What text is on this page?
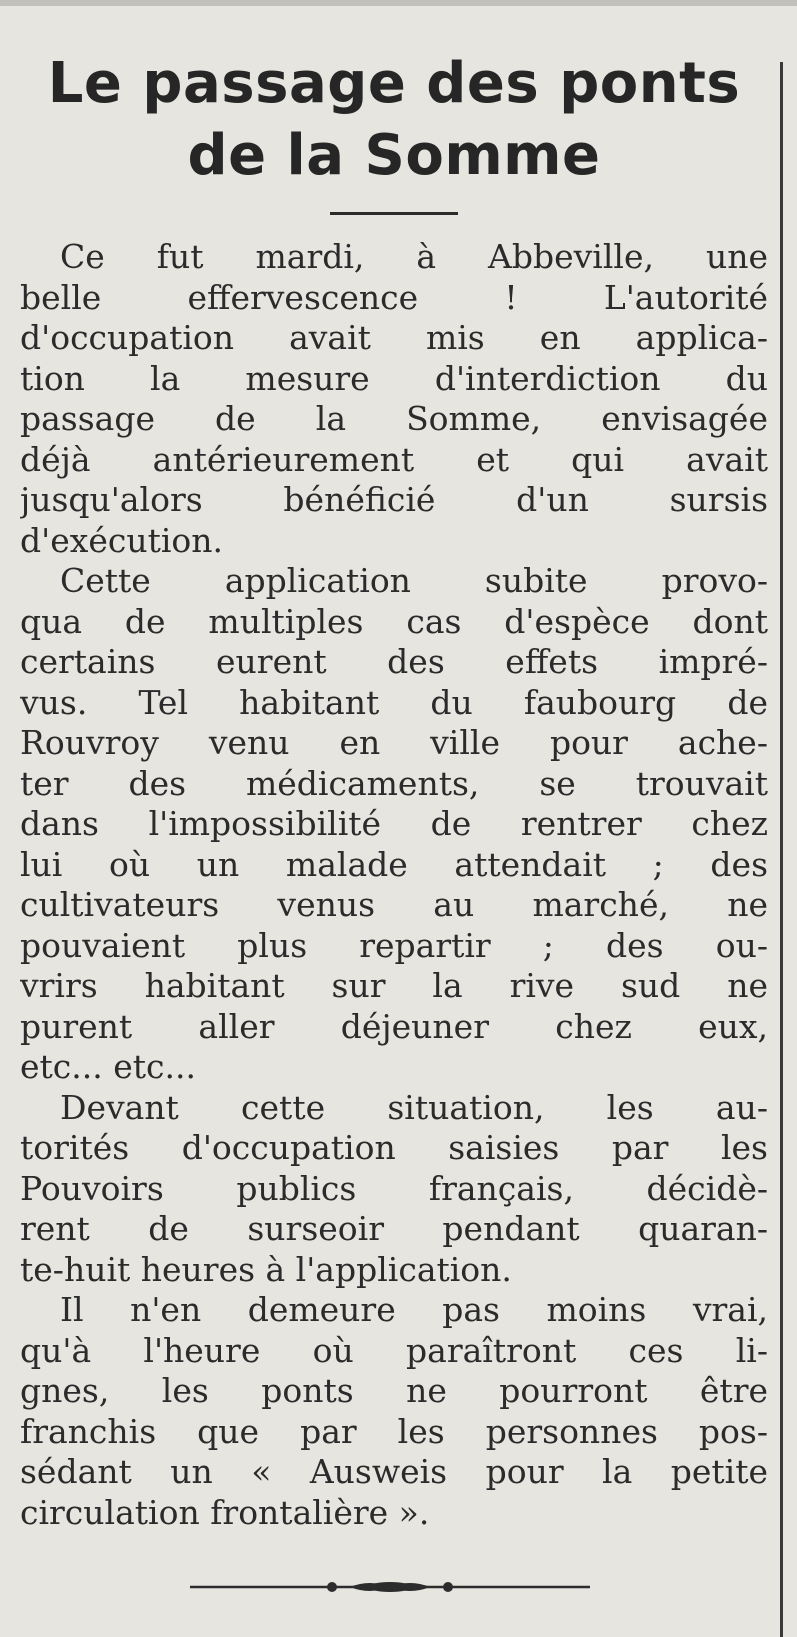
Le passage des ponts
de la Somme
Ce fut mardi, à Abbeville, une
belle effervescence ! L'autorité
d'occupation avait mis en applica-
tion la mesure d'interdiction du
passage de la Somme, envisagée
déjà antérieurement et qui avait
jusqu'alors bénéficié d'un sursis
d'exécution.
Cette application subite provo-
qua de multiples cas d'espèce dont
certains eurent des effets impré-
vus. Tel habitant du faubourg de
Rouvroy venu en ville pour ache-
ter des médicaments, se trouvait
dans l'impossibilité de rentrer chez
lui où un malade attendait ; des
cultivateurs venus au marché, ne
pouvaient plus repartir ; des ou-
vrirs habitant sur la rive sud ne
purent aller déjeuner chez eux,
etc... etc...
Devant cette situation, les au-
torités d'occupation saisies par les
Pouvoirs publics français, décidè-
rent de surseoir pendant quaran-
te-huit heures à l'application.
Il n'en demeure pas moins vrai,
qu'à l'heure où paraîtront ces li-
gnes, les ponts ne pourront être
franchis que par les personnes pos-
sédant un « Ausweis pour la petite
circulation frontalière ».
